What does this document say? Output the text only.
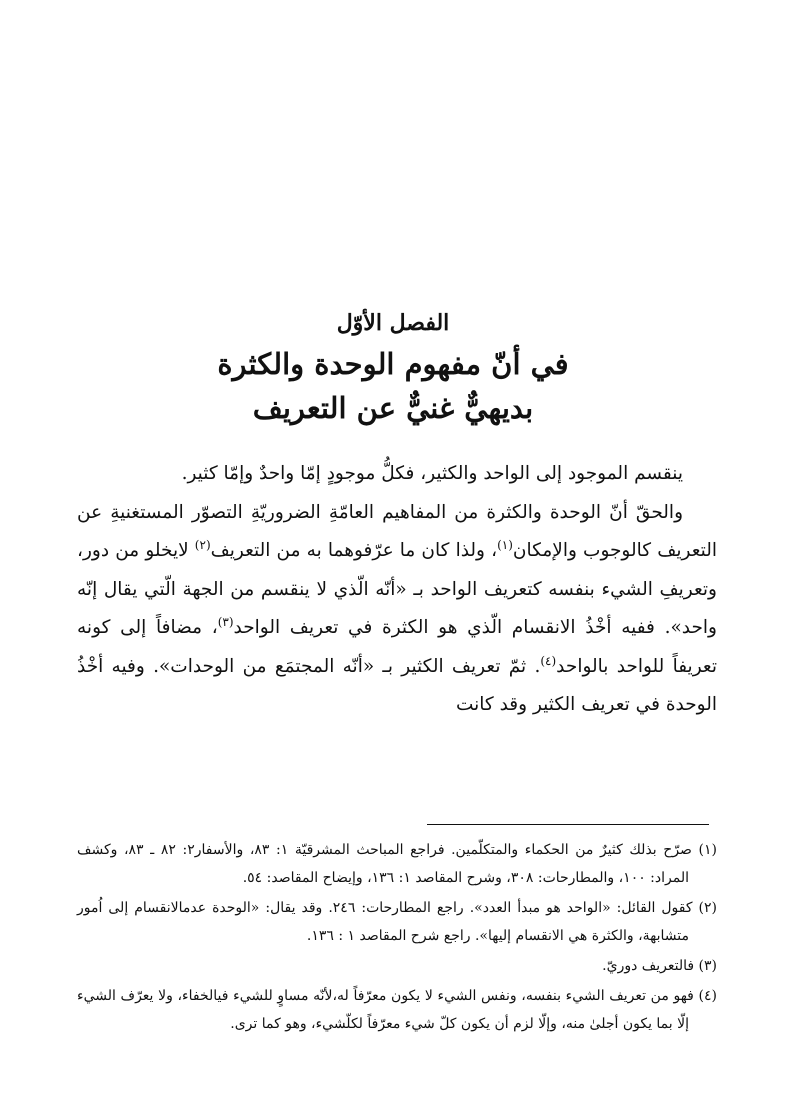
الفصل الأوّل
في أنّ مفهوم الوحدة والكثرة
بديهيٌّ غنيٌّ عن التعريف

ينقسم الموجود إلى الواحد والكثير، فكلُّ موجودٍ إمّا واحدٌ وإمّا كثير.

والحقّ أنّ الوحدة والكثرة من المفاهيم العامّةِ الضروريّةِ التصوّر المستغنيةِ عن التعريف كالوجوب والإمكان$^{(١)}$، ولذا كان ما عرّفوهما به من التعريف$^{(٢)}$ لايخلو من دور، وتعريفِ الشيء بنفسه كتعريف الواحد بـ «أنّه الّذي لا ينقسم من الجهة الّتي يقال إنّه واحد». ففيه أخْذُ الانقسام الّذي هو الكثرة في تعريف الواحد$^{(٣)}$، مضافاً إلى كونه تعريفاً للواحد بالواحد$^{(٤)}$. ثمّ تعريف الكثير بـ «أنّه المجتمَع من الوحدات». وفيه أخْذُ الوحدة في تعريف الكثير وقد كانت

(١) صرّح بذلك كثيرٌ من الحكماء والمتكلّمين. فراجع المباحث المشرقيّة ١: ٨٣، والأسفار٢: ٨٢ ـ ٨٣، وكشف المراد: ١٠٠، والمطارحات: ٣٠٨، وشرح المقاصد ١: ١٣٦، وإيضاح المقاصد: ٥٤.

(٢) كقول القائل: «الواحد هو مبدأ العدد». راجع المطارحات: ٢٤٦. وقد يقال: «الوحدة عدمالانقسام إلى اُمور متشابهة، والكثرة هي الانقسام إليها». راجع شرح المقاصد ١ : ١٣٦.

(٣) فالتعريف دوريّ.

(٤) فهو من تعريف الشيء بنفسه، ونفس الشيء لا يكون معرّفاً له،لأنّه مساوٍ للشيء فيالخفاء، ولا يعرّف الشيء إلّا بما يكون أجلىٰ منه، وإلّا لزم أن يكون كلّ شيء معرّفاً لكلّشيء، وهو كما ترى.
